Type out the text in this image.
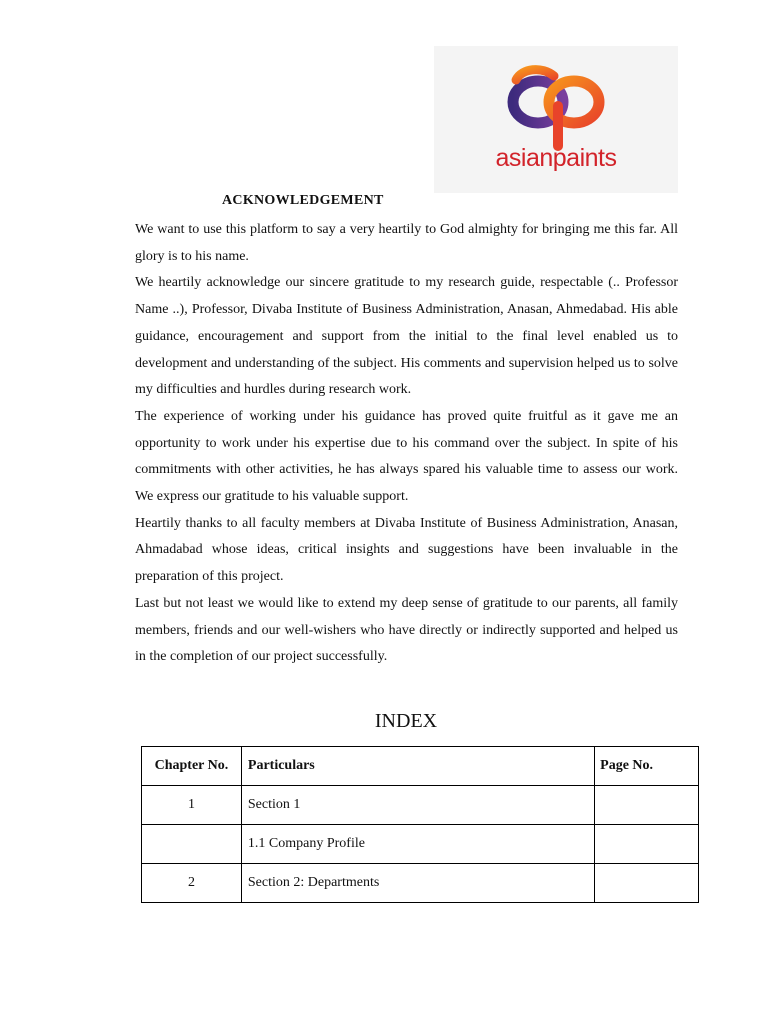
asianpaints
ACKNOWLEDGEMENT

We want to use this platform to say a very heartily to God almighty for bringing me this far. All glory is to his name.

We heartily acknowledge our sincere gratitude to my research guide, respectable (.. Professor Name ..), Professor, Divaba Institute of Business Administration, Anasan, Ahmedabad. His able guidance, encouragement and support from the initial to the final level enabled us to development and understanding of the subject. His comments and supervision helped us to solve my difficulties and hurdles during research work.

The experience of working under his guidance has proved quite fruitful as it gave me an opportunity to work under his expertise due to his command over the subject. In spite of his commitments with other activities, he has always spared his valuable time to assess our work. We express our gratitude to his valuable support.

Heartily thanks to all faculty members at Divaba Institute of Business Administration, Anasan, Ahmadabad whose ideas, critical insights and suggestions have been invaluable in the preparation of this project.

Last but not least we would like to extend my deep sense of gratitude to our parents, all family members, friends and our well-wishers who have directly or indirectly supported and helped us in the completion of our project successfully.

INDEX
Chapter No.	Particulars	Page No.
1	Section 1	
	1.1 Company Profile	
2	Section 2: Departments	
